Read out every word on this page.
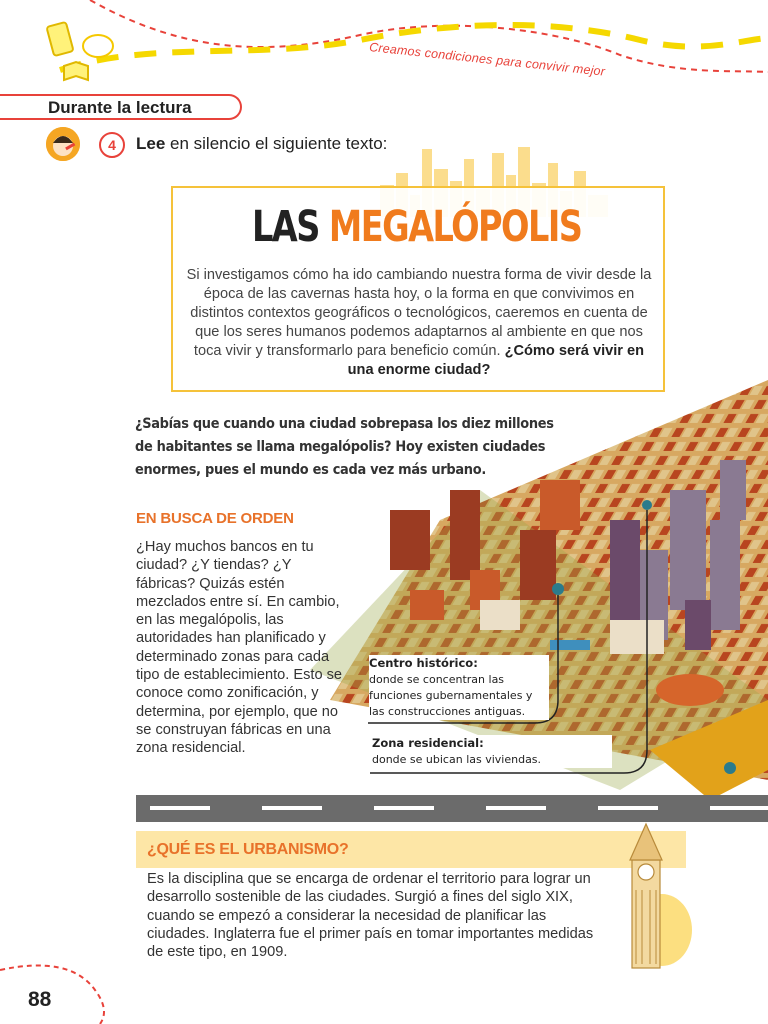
Creamos condiciones para convivir mejor
Durante la lectura
4	Lee en silencio el siguiente texto:
LAS MEGALÓPOLIS
Si investigamos cómo ha ido cambiando nuestra forma de vivir desde la época de las cavernas hasta hoy, o la forma en que convivimos en distintos contextos geográficos o tecnológicos, caeremos en cuenta de que los seres humanos podemos adaptarnos al ambiente en que nos toca vivir y transformarlo para beneficio común. ¿Cómo será vivir en una enorme ciudad?
¿Sabías que cuando una ciudad sobrepasa los diez millones de habitantes se llama megalópolis? Hoy existen ciudades enormes, pues el mundo es cada vez más urbano.
EN BUSCA DE ORDEN
¿Hay muchos bancos en tu ciudad? ¿Y tiendas? ¿Y fábricas? Quizás estén mezclados entre sí. En cambio, en las megalópolis, las autoridades han planificado y determinado zonas para cada tipo de establecimiento. Esto se conoce como zonificación, y determina, por ejemplo, que no se construyan fábricas en una zona residencial.
Centro histórico:
donde se concentran las funciones gubernamentales y las construcciones antiguas.
Zona residencial:
donde se ubican las viviendas.
¿QUÉ ES EL URBANISMO?
Es la disciplina que se encarga de ordenar el territorio para lograr un desarrollo sostenible de las ciudades. Surgió a fines del siglo XIX, cuando se empezó a considerar la necesidad de planificar las ciudades. Inglaterra fue el primer país en tomar importantes medidas de este tipo, en 1909.
88
